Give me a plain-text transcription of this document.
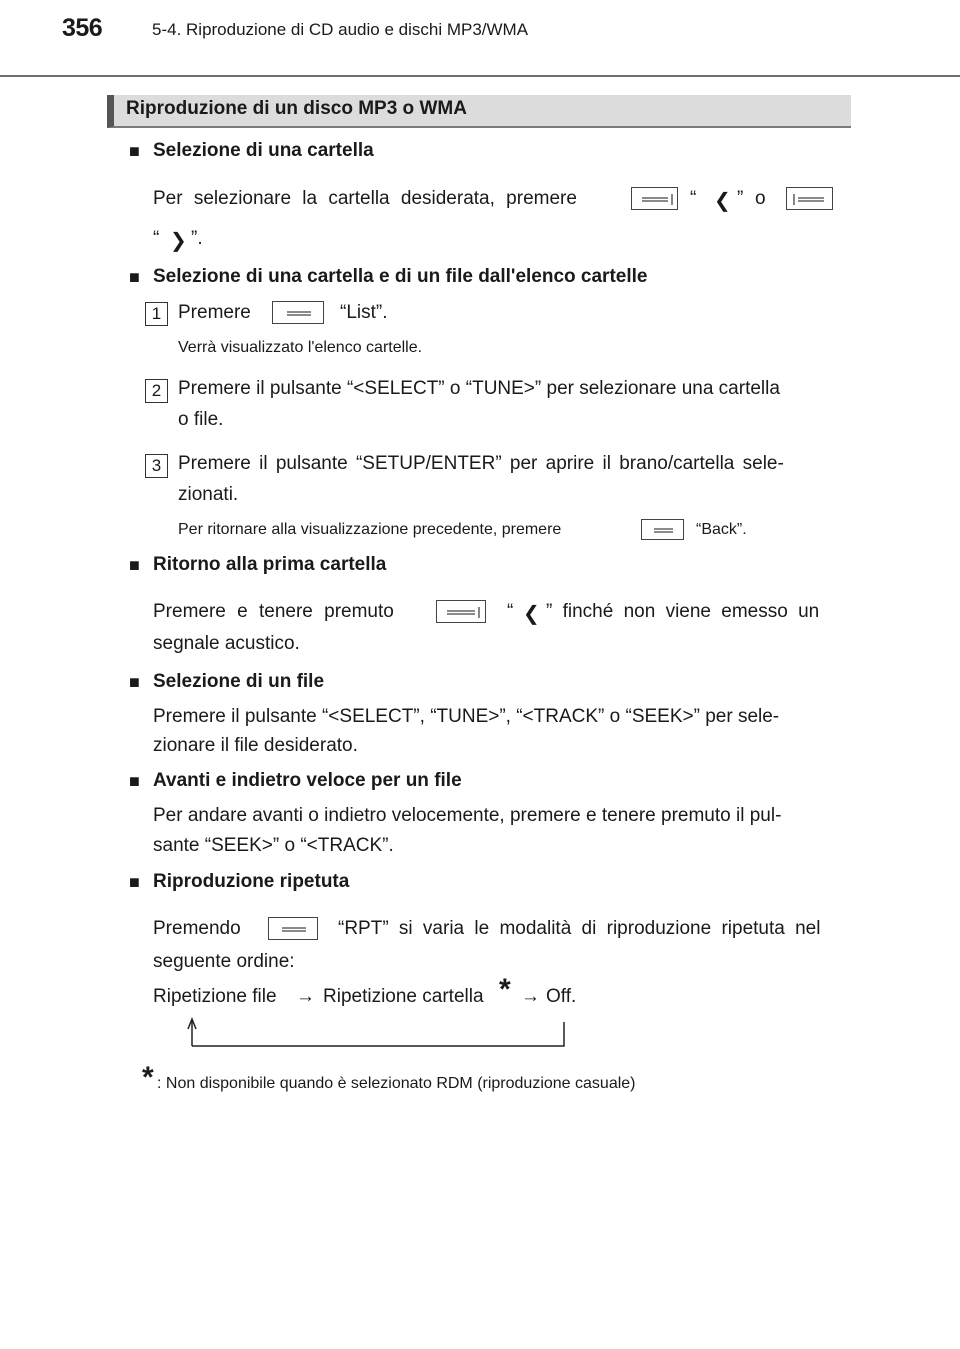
356	5-4. Riproduzione di CD audio e dischi MP3/WMA
Riproduzione di un disco MP3 o WMA
■ Selezione di una cartella
Per selezionare la cartella desiderata, premere	“ ❮ ” o
“ ❯ ”.
■ Selezione di una cartella e di un file dall'elenco cartelle
1 Premere	“List”.
Verrà visualizzato l'elenco cartelle.
2 Premere il pulsante “<SELECT” o “TUNE>” per selezionare una cartella
o file.
3 Premere il pulsante “SETUP/ENTER” per aprire il brano/cartella sele-
zionati.
Per ritornare alla visualizzazione precedente, premere	“Back”.
■ Ritorno alla prima cartella
Premere e tenere premuto	“ ❮ ” finché non viene emesso un
segnale acustico.
■ Selezione di un file
Premere il pulsante “<SELECT”, “TUNE>”, “<TRACK” o “SEEK>” per sele-
zionare il file desiderato.
■ Avanti e indietro veloce per un file
Per andare avanti o indietro velocemente, premere e tenere premuto il pul-
sante “SEEK>” o “<TRACK”.
■ Riproduzione ripetuta
Premendo	“RPT” si varia le modalità di riproduzione ripetuta nel
seguente ordine:
Ripetizione file → Ripetizione cartella * → Off.
* : Non disponibile quando è selezionato RDM (riproduzione casuale)
